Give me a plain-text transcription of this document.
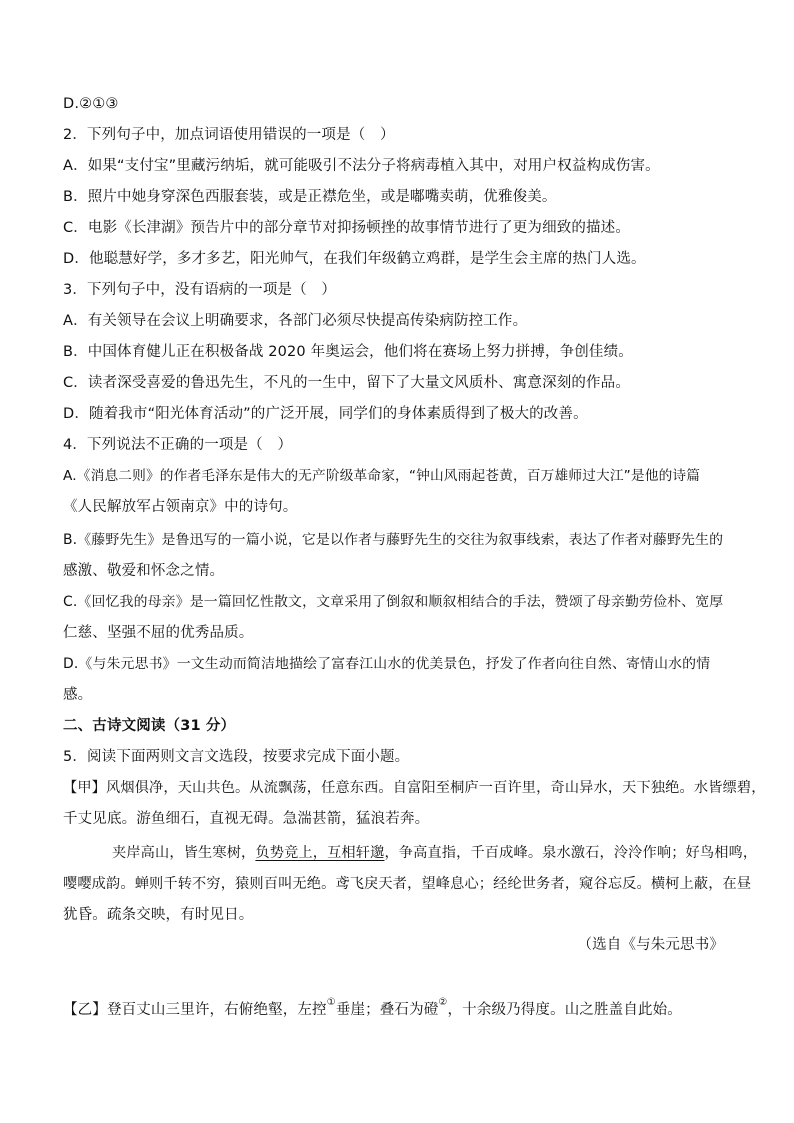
D.②①③
2．下列句子中，加点词语使用错误的一项是（　）
A．如果“支付宝”里藏污纳垢，就可能吸引不法分子将病毒植入其中，对用户权益构成伤害。
B．照片中她身穿深色西服套装，或是正襟危坐，或是嘟嘴卖萌，优雅俊美。
C．电影《长津湖》预告片中的部分章节对抑扬顿挫的故事情节进行了更为细致的描述。
D．他聪慧好学，多才多艺，阳光帅气，在我们年级鹤立鸡群，是学生会主席的热门人选。
3．下列句子中，没有语病的一项是（　）
A．有关领导在会议上明确要求，各部门必须尽快提高传染病防控工作。
B．中国体育健儿正在积极备战 2020 年奥运会，他们将在赛场上努力拼搏，争创佳绩。
C．读者深受喜爱的鲁迅先生，不凡的一生中，留下了大量文风质朴、寓意深刻的作品。
D．随着我市“阳光体育活动”的广泛开展，同学们的身体素质得到了极大的改善。
4．下列说法不正确的一项是（　）
A.《消息二则》的作者毛泽东是伟大的无产阶级革命家，“钟山风雨起苍黄，百万雄师过大江”是他的诗篇
《人民解放军占领南京》中的诗句。
B.《藤野先生》是鲁迅写的一篇小说，它是以作者与藤野先生的交往为叙事线索，表达了作者对藤野先生的
感激、敬爱和怀念之情。
C.《回忆我的母亲》是一篇回忆性散文，文章采用了倒叙和顺叙相结合的手法，赞颂了母亲勤劳俭朴、宽厚
仁慈、坚强不屈的优秀品质。
D.《与朱元思书》一文生动而简洁地描绘了富春江山水的优美景色，抒发了作者向往自然、寄情山水的情
感。
二、古诗文阅读（31 分）
5．阅读下面两则文言文选段，按要求完成下面小题。
【甲】风烟俱净，天山共色。从流飘荡，任意东西。自富阳至桐庐一百许里，奇山异水，天下独绝。水皆缥碧，
千丈见底。游鱼细石，直视无碍。急湍甚箭，猛浪若奔。
夹岸高山，皆生寒树，负势竞上，互相轩邈，争高直指，千百成峰。泉水激石，泠泠作响；好鸟相鸣，
嘤嘤成韵。蝉则千转不穷，猿则百叫无绝。鸢飞戾天者，望峰息心；经纶世务者，窥谷忘反。横柯上蔽，在昼
犹昏。疏条交映，有时见日。
（选自《与朱元思书》
【乙】登百丈山三里许，右俯绝壑，左控①垂崖；叠石为磴②，十余级乃得度。山之胜盖自此始。
